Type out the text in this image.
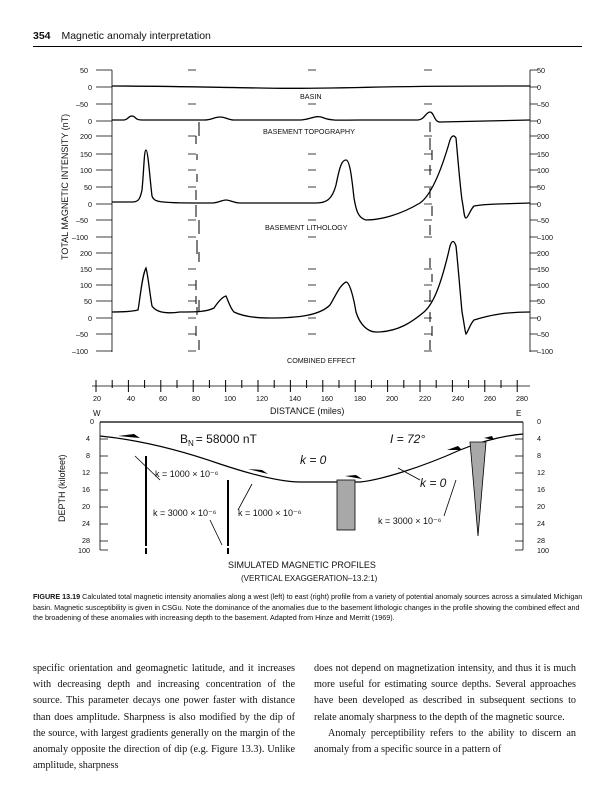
354 Magnetic anomaly interpretation
TOTAL MAGNETIC INTENSITY (nT)
50
0
–50
50
0
–50
0
200
150
100
50
0
–50
–100
0
200
150
100
50
0
–50
–100
200
150
100
50
0
–50
–100
200
150
100
50
0
–50
–100
BASIN
BASEMENT TOPOGRAPHY
BASEMENT LITHOLOGY
COMBINED EFFECT
20	40	60	80	100	120	140	160	180	200	220	240	260	280
DISTANCE (miles)
W	E
DEPTH (kilofeet)
0
4
8
12
16
20
24
28
100
0
4
8
12
16
20
24
28
100
$B_N = 58000$ nT	I = 72°
k = 0
k = 0
k = 1000 × 10⁻⁶
k = 3000 × 10⁻⁶ k = 1000 × 10⁻⁶
k = 3000 × 10⁻⁶
SIMULATED MAGNETIC PROFILES
(VERTICAL EXAGGERATION–13.2:1)
FIGURE 13.19 Calculated total magnetic intensity anomalies along a west (left) to east (right) profile from a variety of potential anomaly sources across a simulated Michigan basin. Magnetic susceptibility is given in CSGu. Note the dominance of the anomalies due to the basement lithologic changes in the profile showing the combined effect and the broadening of these anomalies with increasing depth to the basement. Adapted from Hinze and Merritt (1969).
specific orientation and geomagnetic latitude, and it increases with decreasing depth and increasing concentration of the source. This parameter decays one power faster with distance than does amplitude. Sharpness is also modified by the dip of the source, with largest gradients generally on the margin of the anomaly opposite the direction of dip (e.g. Figure 13.3). Unlike amplitude, sharpness
does not depend on magnetization intensity, and thus it is much more useful for estimating source depths. Several approaches have been developed as described in subsequent sections to relate anomaly sharpness to the depth of the magnetic source.
Anomaly perceptibility refers to the ability to discern an anomaly from a specific source in a pattern of
